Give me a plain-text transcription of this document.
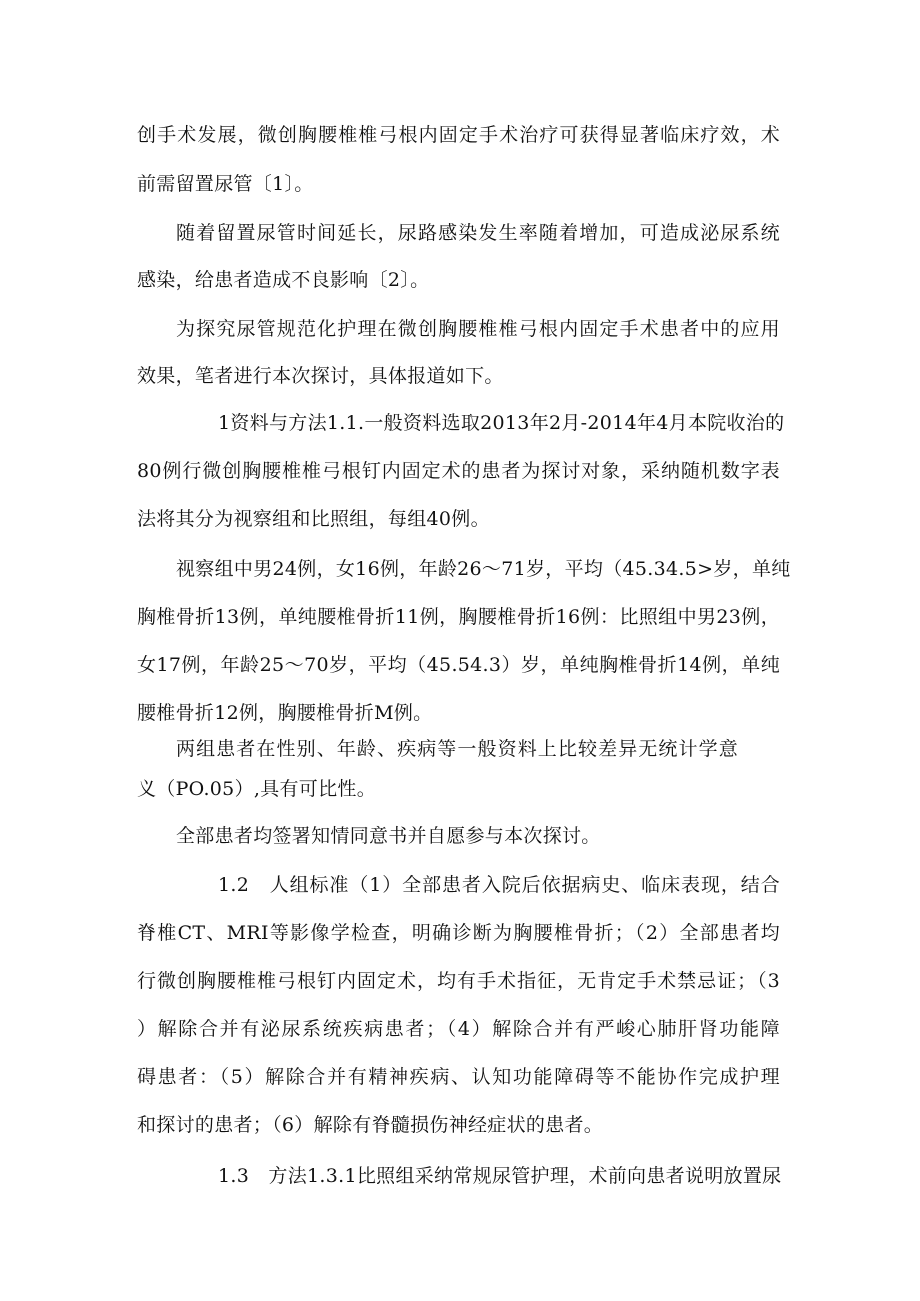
创手术发展，微创胸腰椎椎弓根内固定手术治疗可获得显著临床疗效，术

前需留置尿管〔1〕。

随着留置尿管时间延长，尿路感染发生率随着增加，可造成泌尿系统

感染，给患者造成不良影响〔2〕。

为探究尿管规范化护理在微创胸腰椎椎弓根内固定手术患者中的应用

效果，笔者进行本次探讨，具体报道如下。

1资料与方法1.1.一般资料选取2013年2月-2014年4月本院收治的

80例行微创胸腰椎椎弓根钉内固定术的患者为探讨对象，采纳随机数字表

法将其分为视察组和比照组，每组40例。

视察组中男24例，女16例，年龄26～71岁，平均（45.34.5>岁，单纯

胸椎骨折13例，单纯腰椎骨折11例，胸腰椎骨折16例：比照组中男23例，

女17例，年龄25～70岁，平均（45.54.3）岁，单纯胸椎骨折14例，单纯

腰椎骨折12例，胸腰椎骨折M例。

两组患者在性别、年龄、疾病等一般资料上比较差异无统计学意

义（PO.05）,具有可比性。

全部患者均签署知情同意书并自愿参与本次探讨。

1.2　人组标准（1）全部患者入院后依据病史、临床表现，结合

脊椎CT、MRI等影像学检查，明确诊断为胸腰椎骨折；（2）全部患者均

行微创胸腰椎椎弓根钉内固定术，均有手术指征，无肯定手术禁忌证；（3

）解除合并有泌尿系统疾病患者；（4）解除合并有严峻心肺肝肾功能障

碍患者：（5）解除合并有精神疾病、认知功能障碍等不能协作完成护理

和探讨的患者；（6）解除有脊髓损伤神经症状的患者。

1.3　方法1.3.1比照组采纳常规尿管护理，术前向患者说明放置尿
